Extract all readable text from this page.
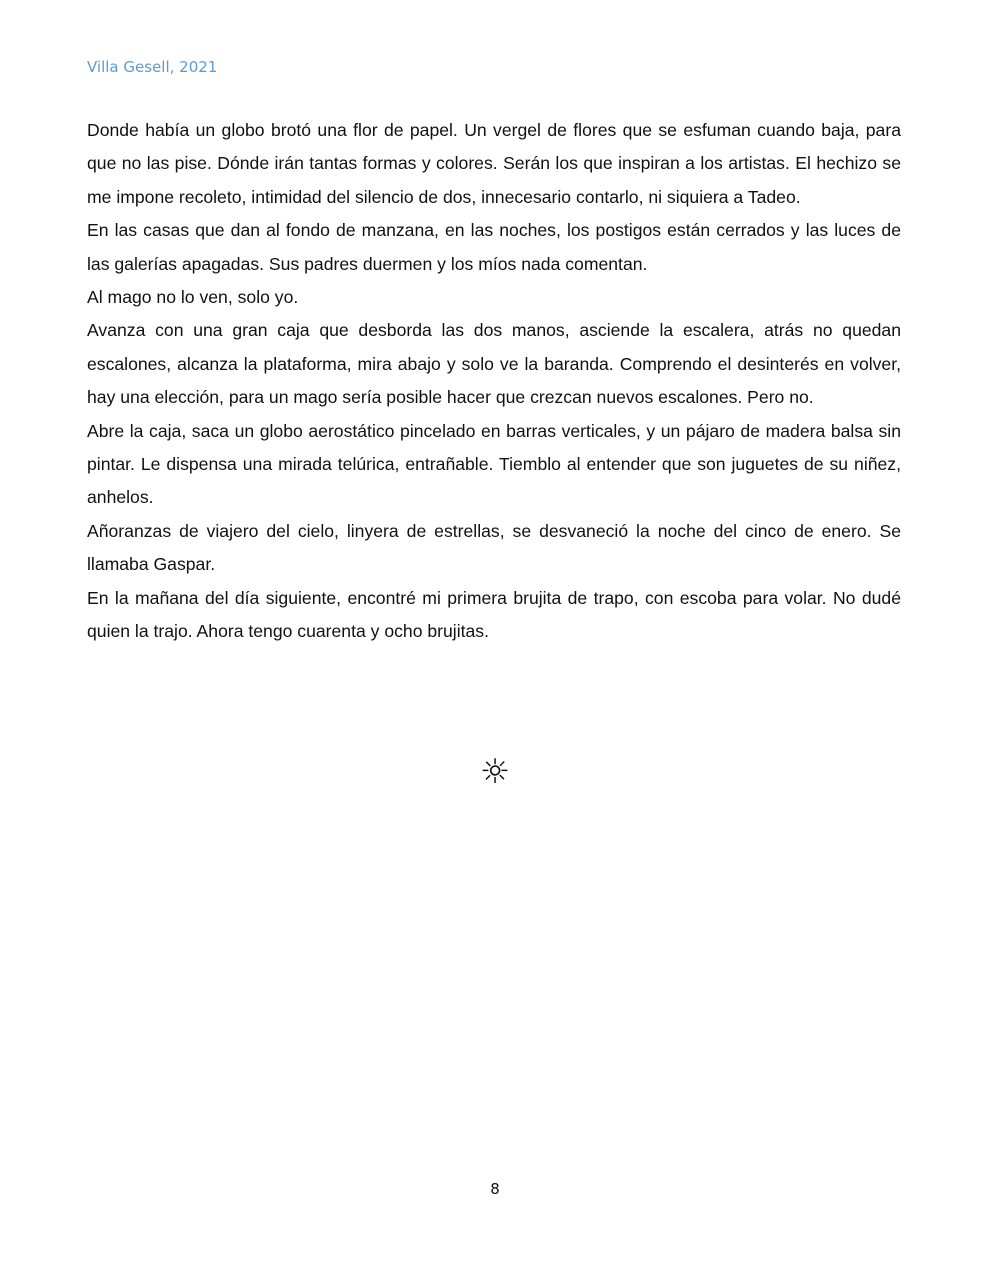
Villa Gesell, 2021

Donde había un globo brotó una flor de papel. Un vergel de flores que se esfuman cuando baja, para que no las pise. Dónde irán tantas formas y colores. Serán los que inspiran a los artistas. El hechizo se me impone recoleto, intimidad del silencio de dos, innecesario contarlo, ni siquiera a Tadeo.

En las casas que dan al fondo de manzana, en las noches, los postigos están cerrados y las luces de las galerías apagadas. Sus padres duermen y los míos nada comentan.

Al mago no lo ven, solo yo.

Avanza con una gran caja que desborda las dos manos, asciende la escalera, atrás no quedan escalones, alcanza la plataforma, mira abajo y solo ve la baranda. Comprendo el desinterés en volver, hay una elección, para un mago sería posible hacer que crezcan nuevos escalones. Pero no.

Abre la caja, saca un globo aerostático pincelado en barras verticales, y un pájaro de madera balsa sin pintar. Le dispensa una mirada telúrica, entrañable. Tiemblo al entender que son juguetes de su niñez, anhelos.

Añoranzas de viajero del cielo, linyera de estrellas, se desvaneció la noche del cinco de enero. Se llamaba Gaspar.

En la mañana del día siguiente, encontré mi primera brujita de trapo, con escoba para volar. No dudé quien la trajo. Ahora tengo cuarenta y ocho brujitas.

☼
8
